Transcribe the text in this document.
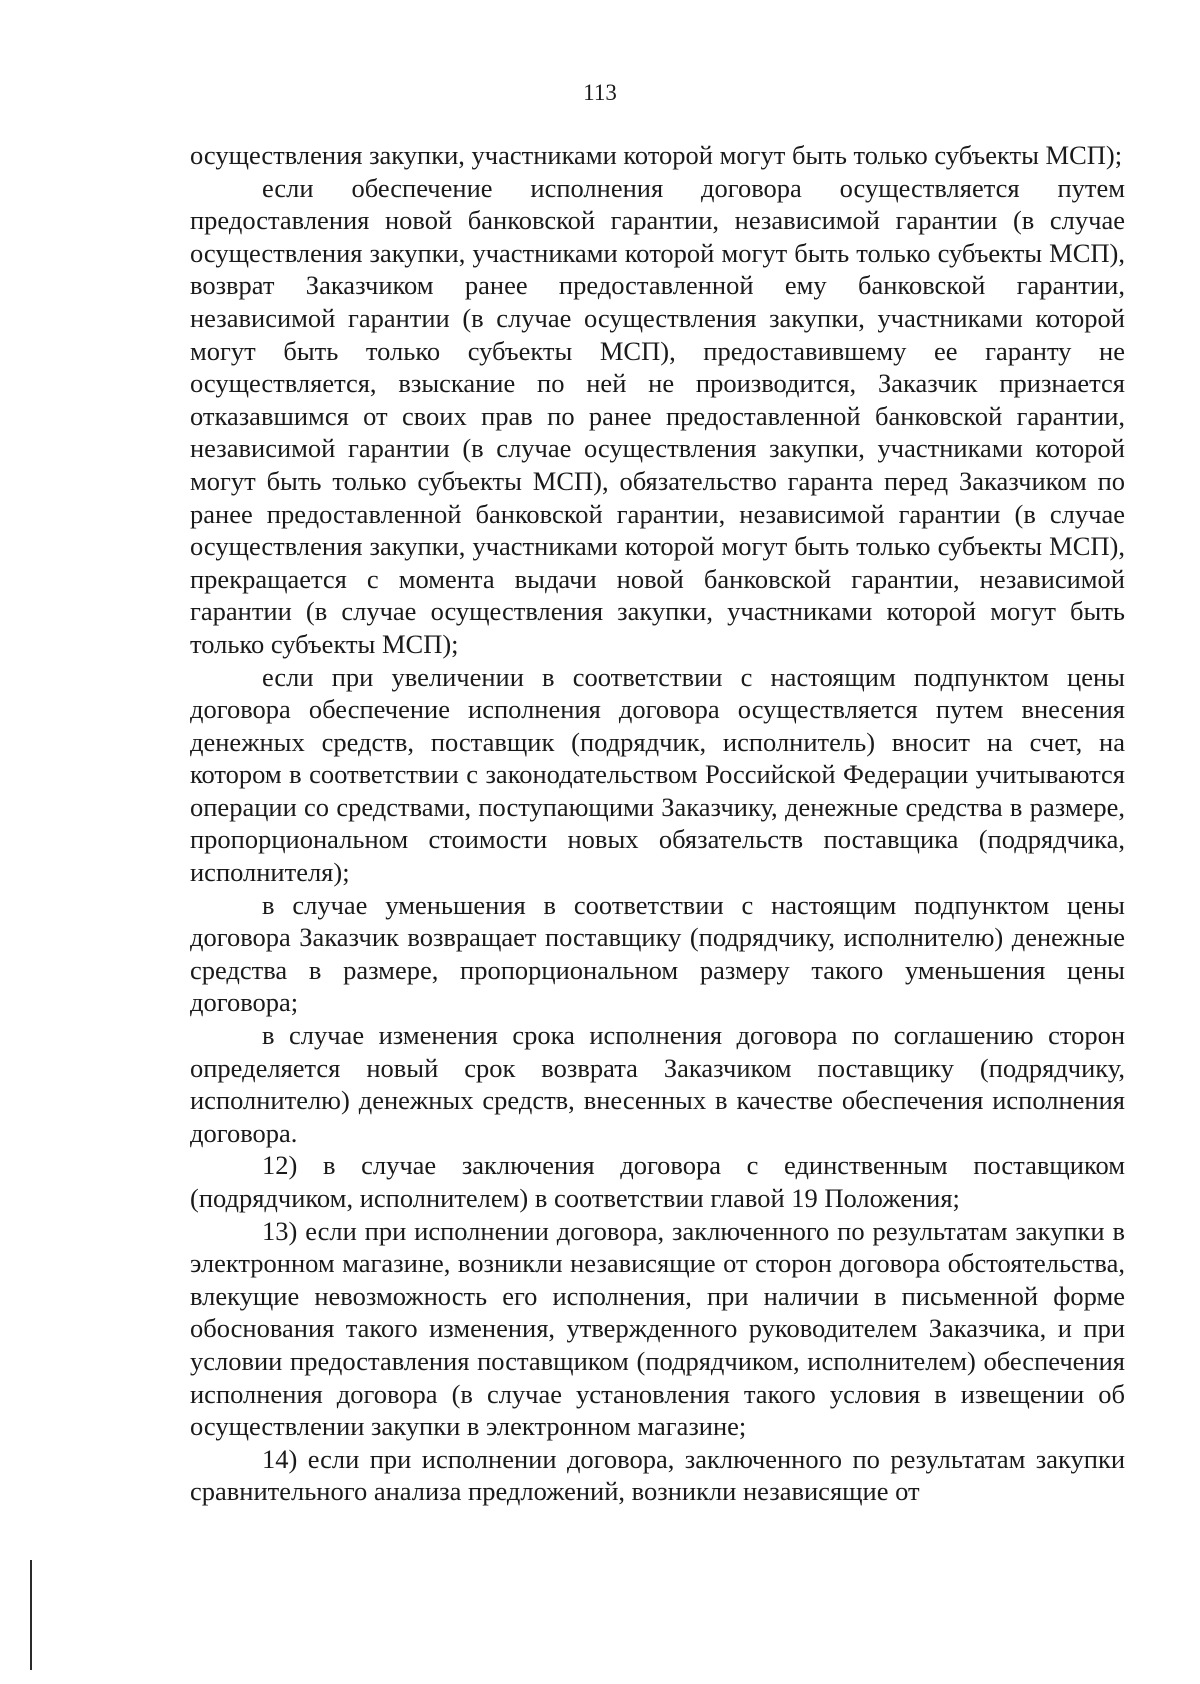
113

осуществления закупки, участниками которой могут быть только субъекты МСП);

если обеспечение исполнения договора осуществляется путем предоставления новой банковской гарантии, независимой гарантии (в случае осуществления закупки, участниками которой могут быть только субъекты МСП), возврат Заказчиком ранее предоставленной ему банковской гарантии, независимой гарантии (в случае осуществления закупки, участниками которой могут быть только субъекты МСП), предоставившему ее гаранту не осуществляется, взыскание по ней не производится, Заказчик признается отказавшимся от своих прав по ранее предоставленной банковской гарантии, независимой гарантии (в случае осуществления закупки, участниками которой могут быть только субъекты МСП), обязательство гаранта перед Заказчиком по ранее предоставленной банковской гарантии, независимой гарантии (в случае осуществления закупки, участниками которой могут быть только субъекты МСП), прекращается с момента выдачи новой банковской гарантии, независимой гарантии (в случае осуществления закупки, участниками которой могут быть только субъекты МСП);

если при увеличении в соответствии с настоящим подпунктом цены договора обеспечение исполнения договора осуществляется путем внесения денежных средств, поставщик (подрядчик, исполнитель) вносит на счет, на котором в соответствии с законодательством Российской Федерации учитываются операции со средствами, поступающими Заказчику, денежные средства в размере, пропорциональном стоимости новых обязательств поставщика (подрядчика, исполнителя);

в случае уменьшения в соответствии с настоящим подпунктом цены договора Заказчик возвращает поставщику (подрядчику, исполнителю) денежные средства в размере, пропорциональном размеру такого уменьшения цены договора;

в случае изменения срока исполнения договора по соглашению сторон определяется новый срок возврата Заказчиком поставщику (подрядчику, исполнителю) денежных средств, внесенных в качестве обеспечения исполнения договора.

12) в случае заключения договора с единственным поставщиком (подрядчиком, исполнителем) в соответствии главой 19 Положения;

13) если при исполнении договора, заключенного по результатам закупки в электронном магазине, возникли независящие от сторон договора обстоятельства, влекущие невозможность его исполнения, при наличии в письменной форме обоснования такого изменения, утвержденного руководителем Заказчика, и при условии предоставления поставщиком (подрядчиком, исполнителем) обеспечения исполнения договора (в случае установления такого условия в извещении об осуществлении закупки в электронном магазине;

14) если при исполнении договора, заключенного по результатам закупки сравнительного анализа предложений, возникли независящие от
